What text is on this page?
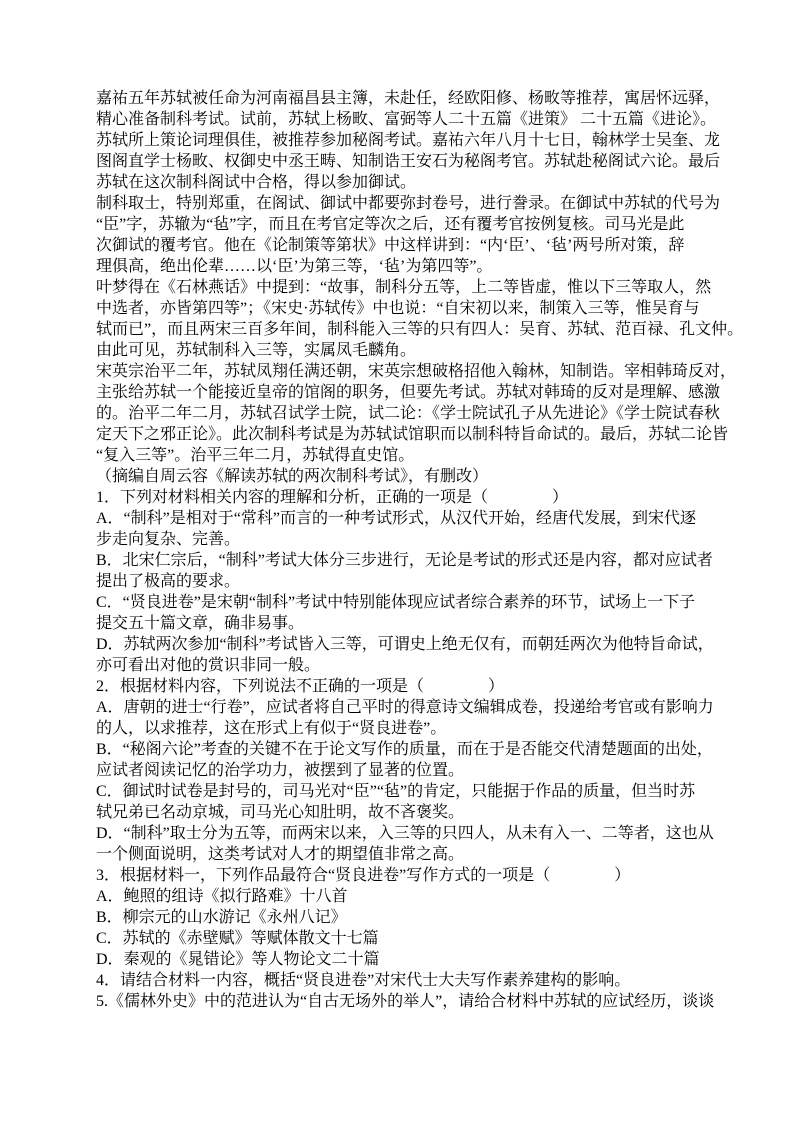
嘉祐五年苏轼被任命为河南福昌县主簿，未赴任，经欧阳修、杨畋等推荐，寓居怀远驿，
精心准备制科考试。试前，苏轼上杨畋、富弼等人二十五篇《进策》 二十五篇《进论》。
苏轼所上策论词理俱佳，被推荐参加秘阁考试。嘉祐六年八月十七日，翰林学士吴奎、龙
图阁直学士杨畋、权御史中丞王畴、知制诰王安石为秘阁考官。苏轼赴秘阁试六论。最后
苏轼在这次制科阁试中合格，得以参加御试。
制科取士，特别郑重，在阁试、御试中都要弥封卷号，进行誊录。在御试中苏轼的代号为
“臣”字，苏辙为“毡”字，而且在考官定等次之后，还有覆考官按例复核。司马光是此
次御试的覆考官。他在《论制策等第状》中这样讲到：“内‘臣’、‘毡’两号所对策，辞
理俱高，绝出伦辈……以‘臣’为第三等，‘毡’为第四等”。
叶梦得在《石林燕话》中提到：“故事，制科分五等，上二等皆虚，惟以下三等取人，然
中选者，亦皆第四等”；《宋史·苏轼传》中也说：“自宋初以来，制策入三等，惟吴育与
轼而已”，而且两宋三百多年间，制科能入三等的只有四人：吴育、苏轼、范百禄、孔文仲。
由此可见，苏轼制科入三等，实属凤毛麟角。
宋英宗治平二年，苏轼凤翔任满还朝，宋英宗想破格招他入翰林，知制诰。宰相韩琦反对，
主张给苏轼一个能接近皇帝的馆阁的职务，但要先考试。苏轼对韩琦的反对是理解、感激
的。治平二年二月，苏轼召试学士院，试二论：《学士院试孔子从先进论》《学士院试春秋
定天下之邪正论》。此次制科考试是为苏轼试馆职而以制科特旨命试的。最后，苏轼二论皆
“复入三等”。治平三年二月，苏轼得直史馆。
（摘编自周云容《解读苏轼的两次制科考试》，有删改）
1．下列对材料相关内容的理解和分析，正确的一项是（　　　　）
A．“制科”是相对于“常科”而言的一种考试形式，从汉代开始，经唐代发展，到宋代逐
步走向复杂、完善。
B．北宋仁宗后，“制科”考试大体分三步进行，无论是考试的形式还是内容，都对应试者
提出了极高的要求。
C．“贤良进卷”是宋朝“制科”考试中特别能体现应试者综合素养的环节，试场上一下子
提交五十篇文章，确非易事。
D．苏轼两次参加“制科”考试皆入三等，可谓史上绝无仅有，而朝廷两次为他特旨命试，
亦可看出对他的赏识非同一般。
2．根据材料内容，下列说法不正确的一项是（　　　　）
A．唐朝的进士“行卷”，应试者将自己平时的得意诗文编辑成卷，投递给考官或有影响力
的人，以求推荐，这在形式上有似于“贤良进卷”。
B．“秘阁六论”考查的关键不在于论文写作的质量，而在于是否能交代清楚题面的出处，
应试者阅读记忆的治学功力，被摆到了显著的位置。
C．御试时试卷是封号的，司马光对“臣”“毡”的肯定，只能据于作品的质量，但当时苏
轼兄弟已名动京城，司马光心知肚明，故不吝褒奖。
D．“制科”取士分为五等，而两宋以来，入三等的只四人，从未有入一、二等者，这也从
一个侧面说明，这类考试对人才的期望值非常之高。
3．根据材料一，下列作品最符合“贤良进卷”写作方式的一项是（　　　　）
A．鲍照的组诗《拟行路难》十八首
B．柳宗元的山水游记《永州八记》
C．苏轼的《赤壁赋》等赋体散文十七篇
D．秦观的《晁错论》等人物论文二十篇
4．请结合材料一内容，概括“贤良进卷”对宋代士大夫写作素养建构的影响。
5.《儒林外史》中的范进认为“自古无场外的举人”，请给合材料中苏轼的应试经历，谈谈
